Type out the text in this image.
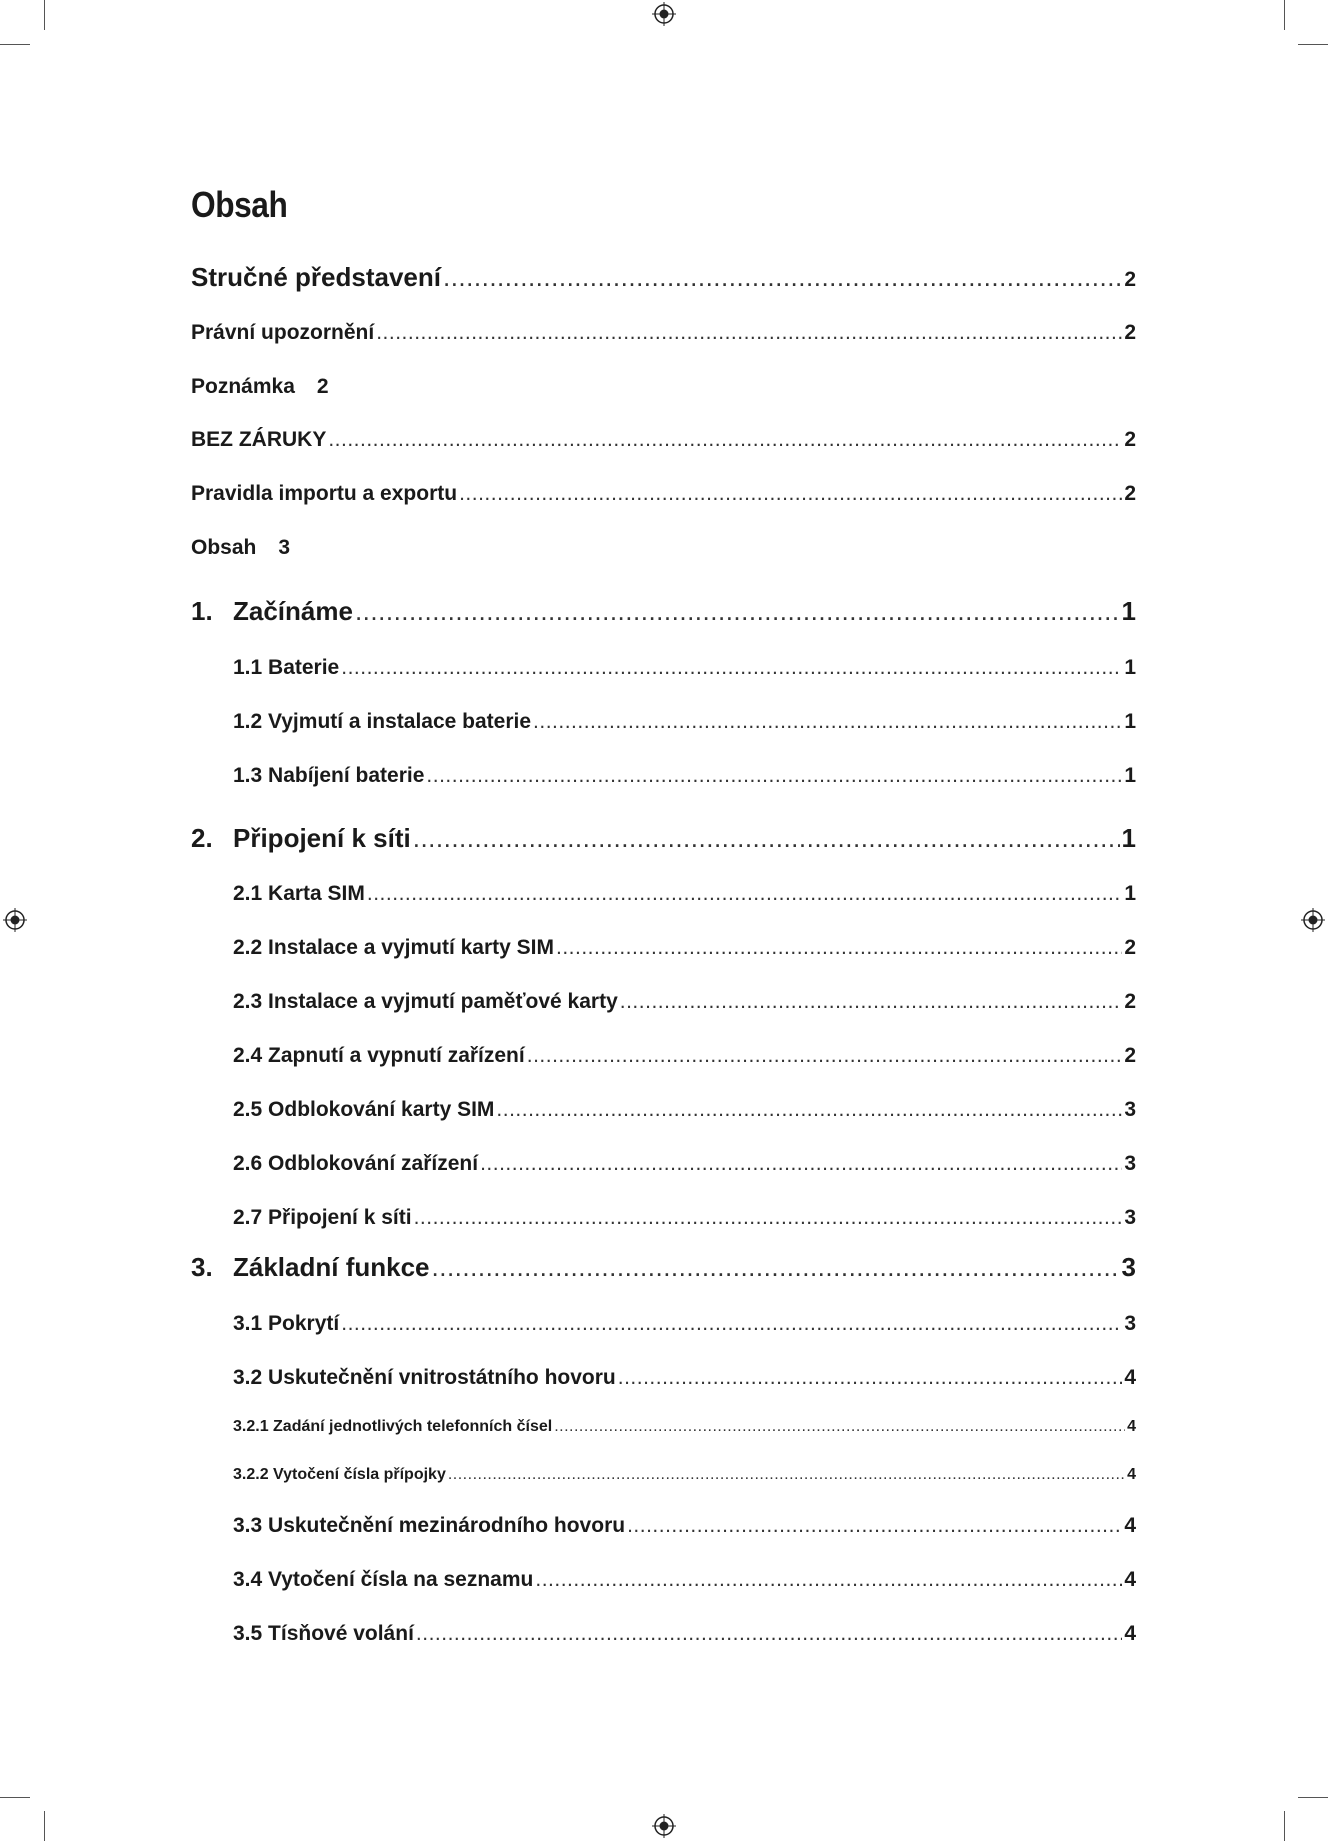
Obsah
Stručné představení .....	2
Právní upozornění .....	2
Poznámka 2
BEZ ZÁRUKY .....	2
Pravidla importu a exportu .....	2
Obsah 3
1. Začínáme .....	1
1.1 Baterie .....	1
1.2 Vyjmutí a instalace baterie .....	1
1.3 Nabíjení baterie .....	1
2. Připojení k síti .....	1
2.1 Karta SIM .....	1
2.2 Instalace a vyjmutí karty SIM .....	2
2.3 Instalace a vyjmutí paměťové karty .....	2
2.4 Zapnutí a vypnutí zařízení .....	2
2.5 Odblokování karty SIM .....	3
2.6 Odblokování zařízení .....	3
2.7 Připojení k síti .....	3
3. Základní funkce .....	3
3.1 Pokrytí .....	3
3.2 Uskutečnění vnitrostátního hovoru .....	4
3.2.1 Zadání jednotlivých telefonních čísel .....	4
3.2.2 Vytočení čísla přípojky .....	4
3.3 Uskutečnění mezinárodního hovoru .....	4
3.4 Vytočení čísla na seznamu .....	4
3.5 Tísňové volání .....	4
